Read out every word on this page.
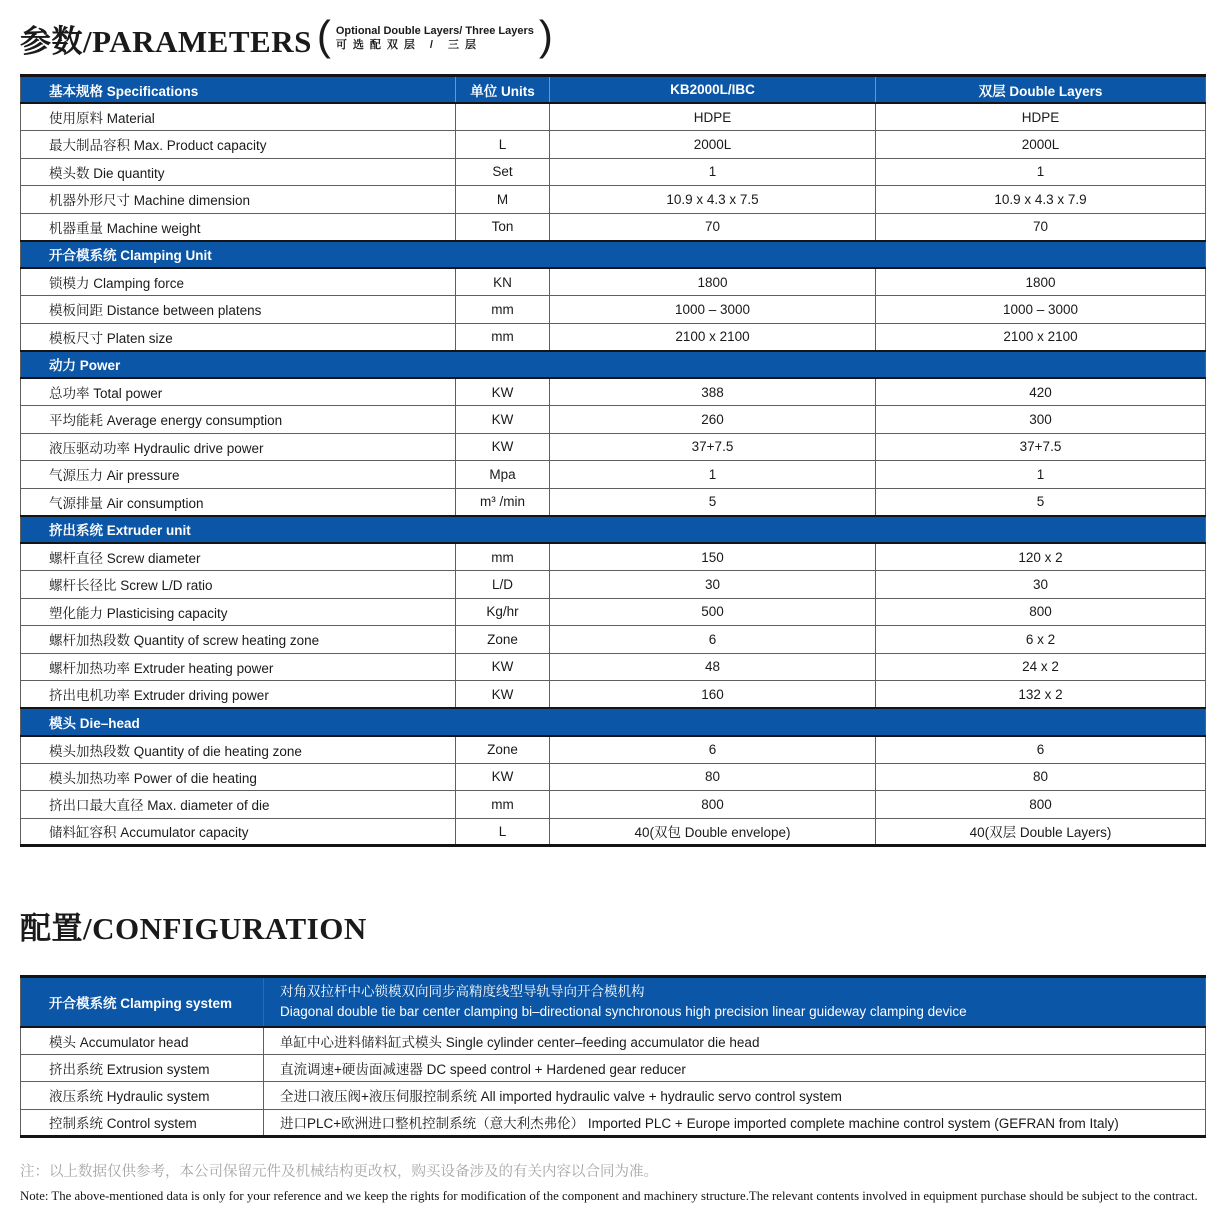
参数/PARAMETERS ( Optional Double Layers/ Three Layers
可选配双层 / 三层	)
基本规格 Specifications	单位 Units	KB2000L/IBC	双层 Double Layers
使用原料 Material		HDPE	HDPE
最大制品容积 Max. Product capacity	L	2000L	2000L
模头数 Die quantity	Set	1	1
机器外形尺寸 Machine dimension	M	10.9 x 4.3 x 7.5	10.9 x 4.3 x 7.9
机器重量 Machine weight	Ton	70	70
开合模系统 Clamping Unit			
锁模力 Clamping force	KN	1800	1800
模板间距 Distance between platens	mm	1000 – 3000	1000 – 3000
模板尺寸 Platen size	mm	2100 x 2100	2100 x 2100
动力 Power			
总功率 Total power	KW	388	420
平均能耗 Average energy consumption	KW	260	300
液压驱动功率 Hydraulic drive power	KW	37+7.5	37+7.5
气源压力 Air pressure	Mpa	1	1
气源排量 Air consumption	m³ /min	5	5
挤出系统 Extruder unit			
螺杆直径 Screw diameter	mm	150	120 x 2
螺杆长径比 Screw L/D ratio	L/D	30	30
塑化能力 Plasticising capacity	Kg/hr	500	800
螺杆加热段数 Quantity of screw heating zone	Zone	6	6 x 2
螺杆加热功率 Extruder heating power	KW	48	24 x 2
挤出电机功率 Extruder driving power	KW	160	132 x 2
模头 Die–head			
模头加热段数 Quantity of die heating zone	Zone	6	6
模头加热功率 Power of die heating	KW	80	80
挤出口最大直径 Max. diameter of die	mm	800	800
储料缸容积 Accumulator capacity	L	40(双包 Double envelope)	40(双层 Double Layers)
配置/CONFIGURATION
开合模系统 Clamping system	对角双拉杆中心锁模双向同步高精度线型导轨导向开合模机构
Diagonal double tie bar center clamping bi–directional synchronous high precision linear guideway clamping device

模头 Accumulator head	单缸中心进料储料缸式模头 Single cylinder center–feeding accumulator die head
挤出系统 Extrusion system	直流调速+硬齿面减速器 DC speed control + Hardened gear reducer
液压系统 Hydraulic system	全进口液压阀+液压伺服控制系统 All imported hydraulic valve + hydraulic servo control system
控制系统 Control system	进口PLC+欧洲进口整机控制系统（意大利杰弗伦） Imported PLC + Europe imported complete machine control system (GEFRAN from Italy)

注：以上数据仅供参考，本公司保留元件及机械结构更改权，购买设备涉及的有关内容以合同为准。

Note: The above-mentioned data is only for your reference and we keep the rights for modification of the component and machinery structure.The relevant contents involved in equipment purchase should be subject to the contract.
